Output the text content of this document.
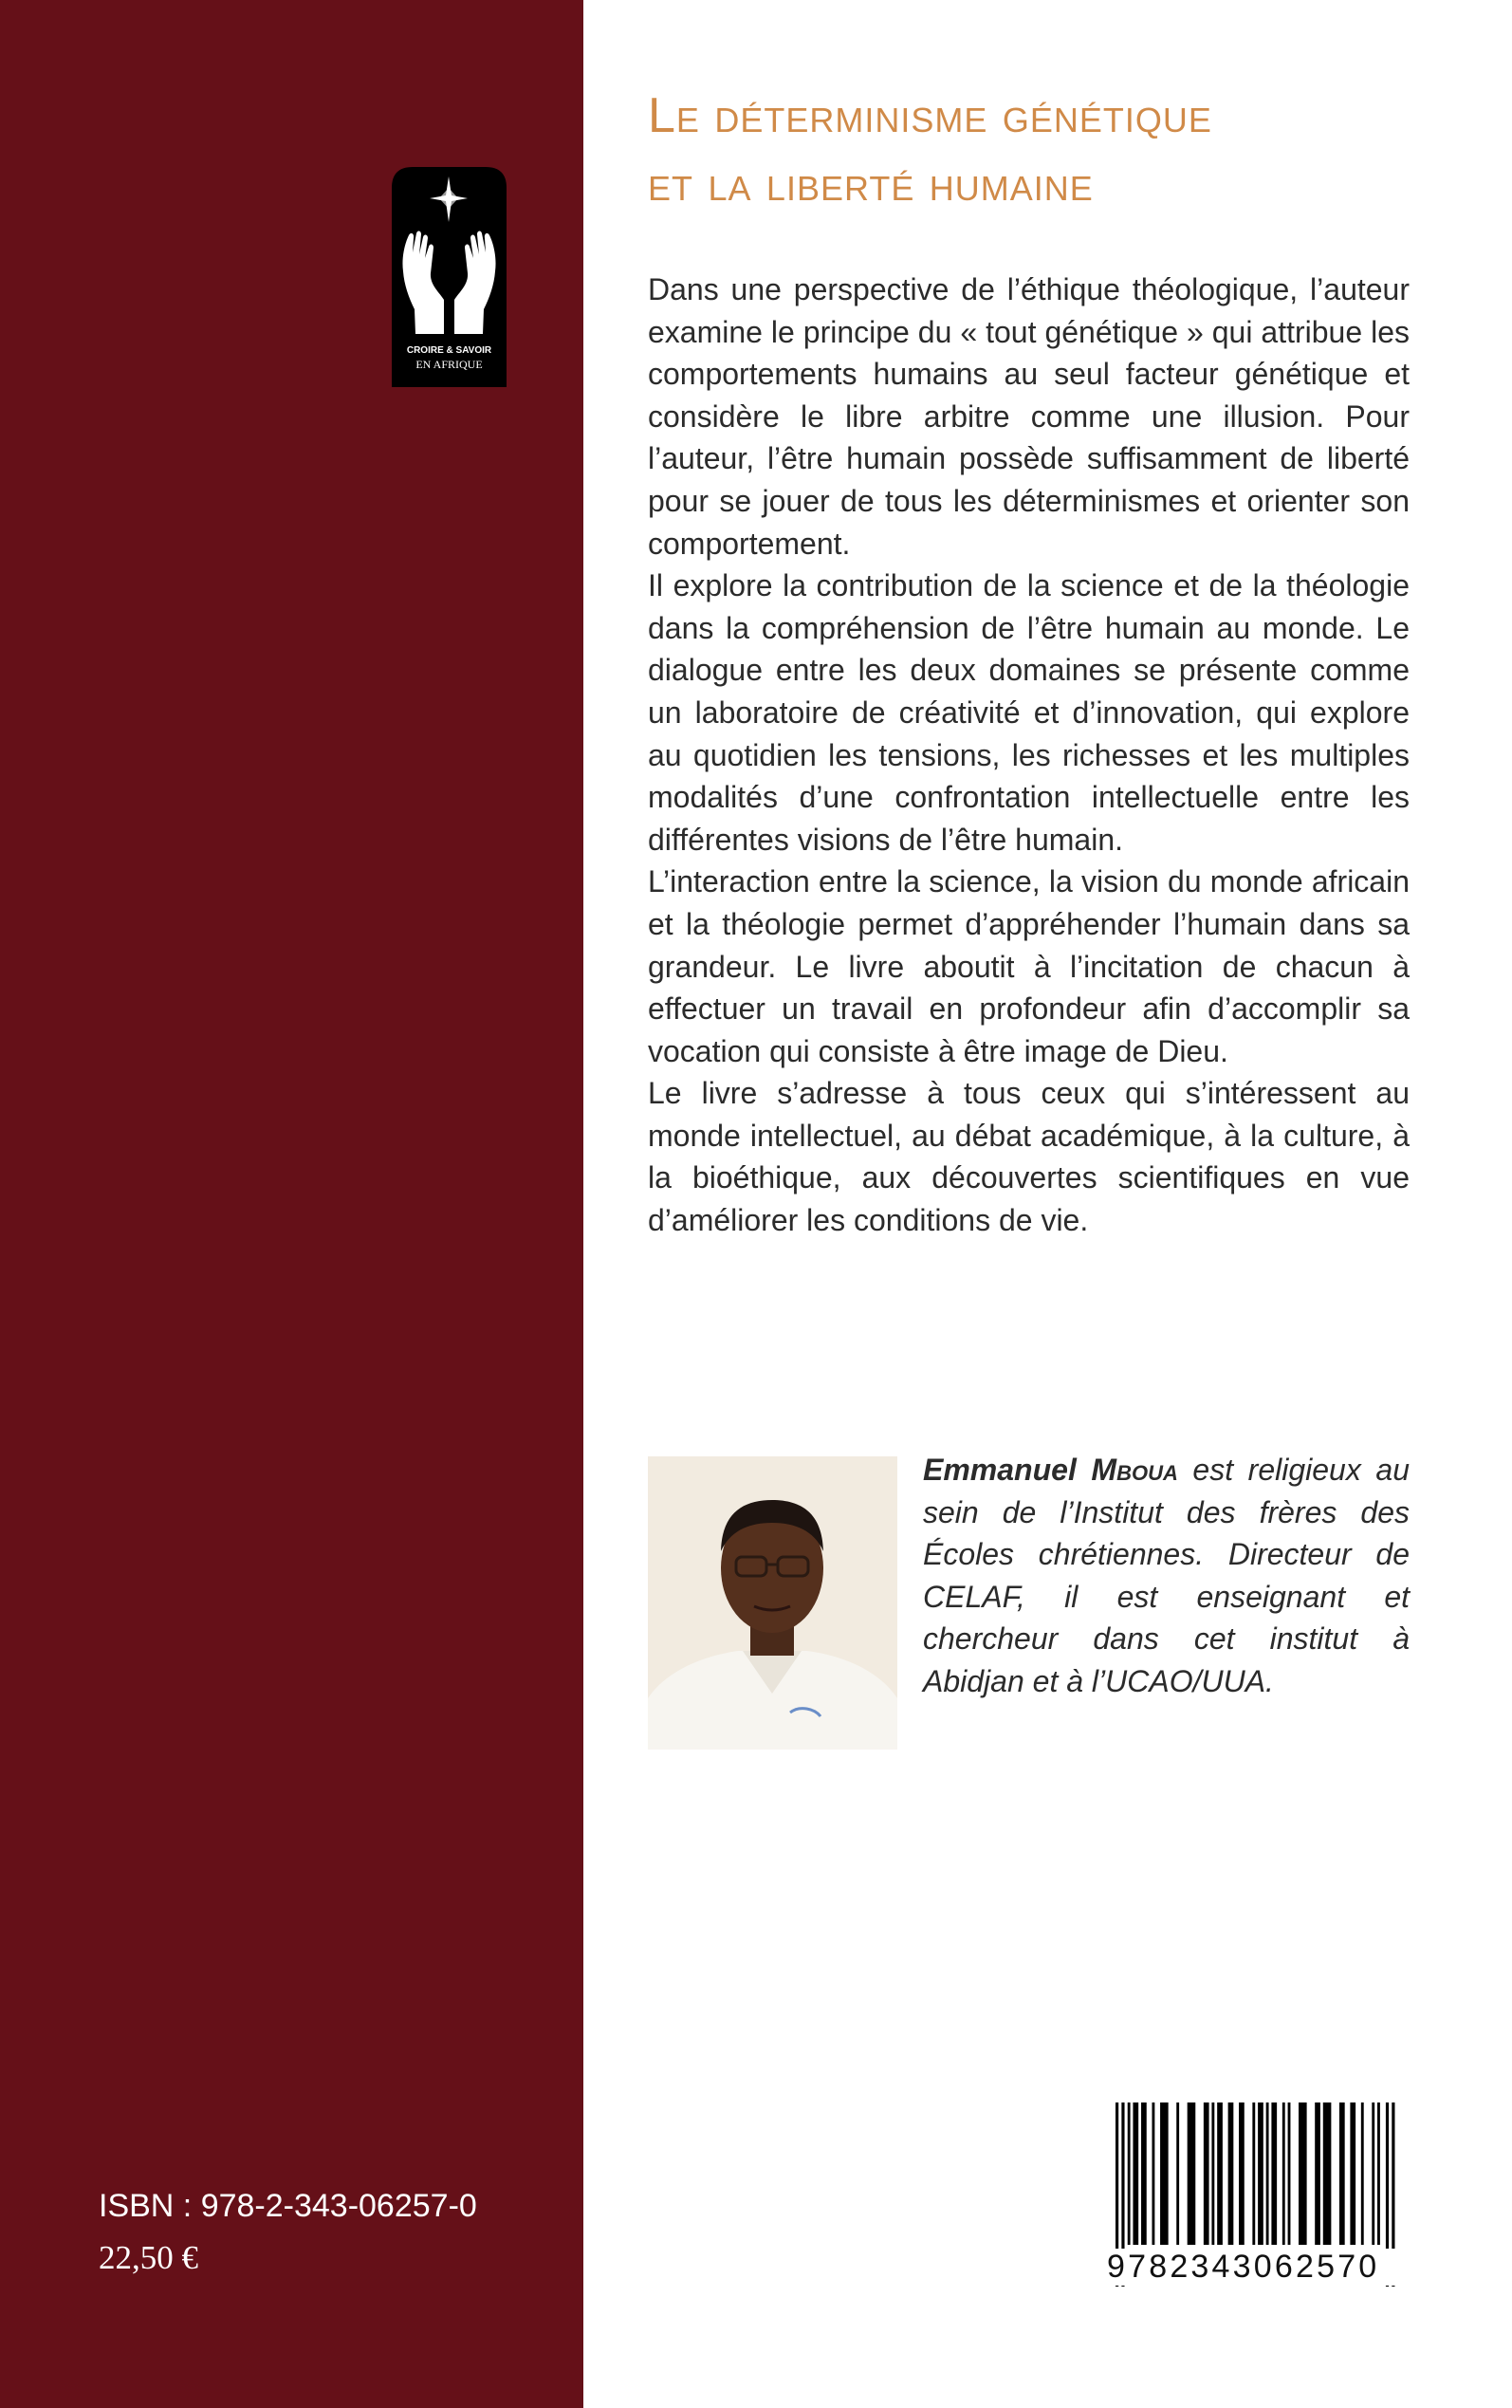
CROIRE & SAVOIR
EN AFRIQUE
ISBN : 978-2-343-06257-0
22,50 €
Le déterminisme génétique
et la liberté humaine

Dans une perspective de l’éthique théologique, l’auteur examine le principe du « tout génétique » qui attribue les comportements humains au seul facteur génétique et considère le libre arbitre comme une illusion. Pour l’auteur, l’être humain possède suffisamment de liberté pour se jouer de tous les déterminismes et orienter son comportement.

Il explore la contribution de la science et de la théologie dans la compréhension de l’être humain au monde. Le dialogue entre les deux domaines se présente comme un laboratoire de créativité et d’innovation, qui explore au quotidien les tensions, les richesses et les multiples modalités d’une confrontation intellectuelle entre les différentes visions de l’être humain.

L’interaction entre la science, la vision du monde africain et la théologie permet d’appréhender l’humain dans sa grandeur. Le livre aboutit à l’incitation de chacun à effectuer un travail en profondeur afin d’accomplir sa vocation qui consiste à être image de Dieu.

Le livre s’adresse à tous ceux qui s’intéressent au monde intellectuel, au débat académique, à la culture, à la bioéthique, aux découvertes scientifiques en vue d’améliorer les conditions de vie.

Emmanuel Mboua est religieux au sein de l’Institut des frères des Écoles chrétiennes. Directeur de CELAF, il est enseignant et chercheur dans cet institut à Abidjan et à l’UCAO/UUA.

9782343062570
